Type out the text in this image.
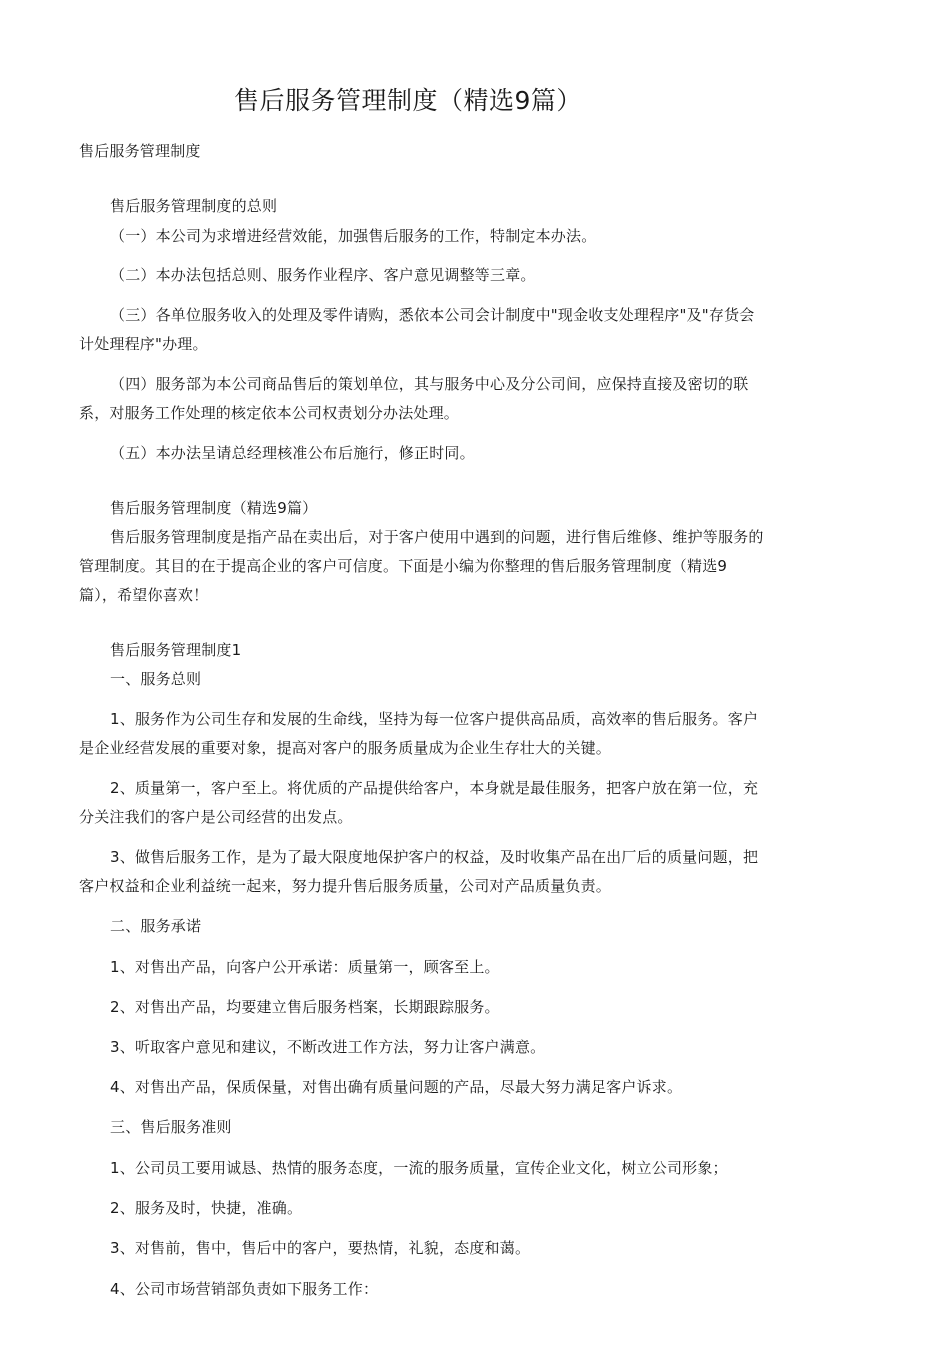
售后服务管理制度（精选9篇）
售后服务管理制度
售后服务管理制度的总则
（一）本公司为求增进经营效能，加强售后服务的工作，特制定本办法。
（二）本办法包括总则、服务作业程序、客户意见调整等三章。
（三）各单位服务收入的处理及零件请购，悉依本公司会计制度中"现金收支处理程序"及"存货会
计处理程序"办理。
（四）服务部为本公司商品售后的策划单位，其与服务中心及分公司间，应保持直接及密切的联
系，对服务工作处理的核定依本公司权责划分办法处理。
（五）本办法呈请总经理核准公布后施行，修正时同。
售后服务管理制度（精选9篇）
售后服务管理制度是指产品在卖出后，对于客户使用中遇到的问题，进行售后维修、维护等服务的
管理制度。其目的在于提高企业的客户可信度。下面是小编为你整理的售后服务管理制度（精选9
篇），希望你喜欢！
售后服务管理制度1
一、服务总则
1、服务作为公司生存和发展的生命线，坚持为每一位客户提供高品质，高效率的售后服务。客户
是企业经营发展的重要对象，提高对客户的服务质量成为企业生存壮大的关键。
2、质量第一，客户至上。将优质的产品提供给客户，本身就是最佳服务，把客户放在第一位，充
分关注我们的客户是公司经营的出发点。
3、做售后服务工作，是为了最大限度地保护客户的权益，及时收集产品在出厂后的质量问题，把
客户权益和企业利益统一起来，努力提升售后服务质量，公司对产品质量负责。
二、服务承诺
1、对售出产品，向客户公开承诺：质量第一，顾客至上。
2、对售出产品，均要建立售后服务档案，长期跟踪服务。
3、听取客户意见和建议，不断改进工作方法，努力让客户满意。
4、对售出产品，保质保量，对售出确有质量问题的产品，尽最大努力满足客户诉求。
三、售后服务准则
1、公司员工要用诚恳、热情的服务态度，一流的服务质量，宣传企业文化，树立公司形象；
2、服务及时，快捷，准确。
3、对售前，售中，售后中的客户，要热情，礼貌，态度和蔼。
4、公司市场营销部负责如下服务工作：
